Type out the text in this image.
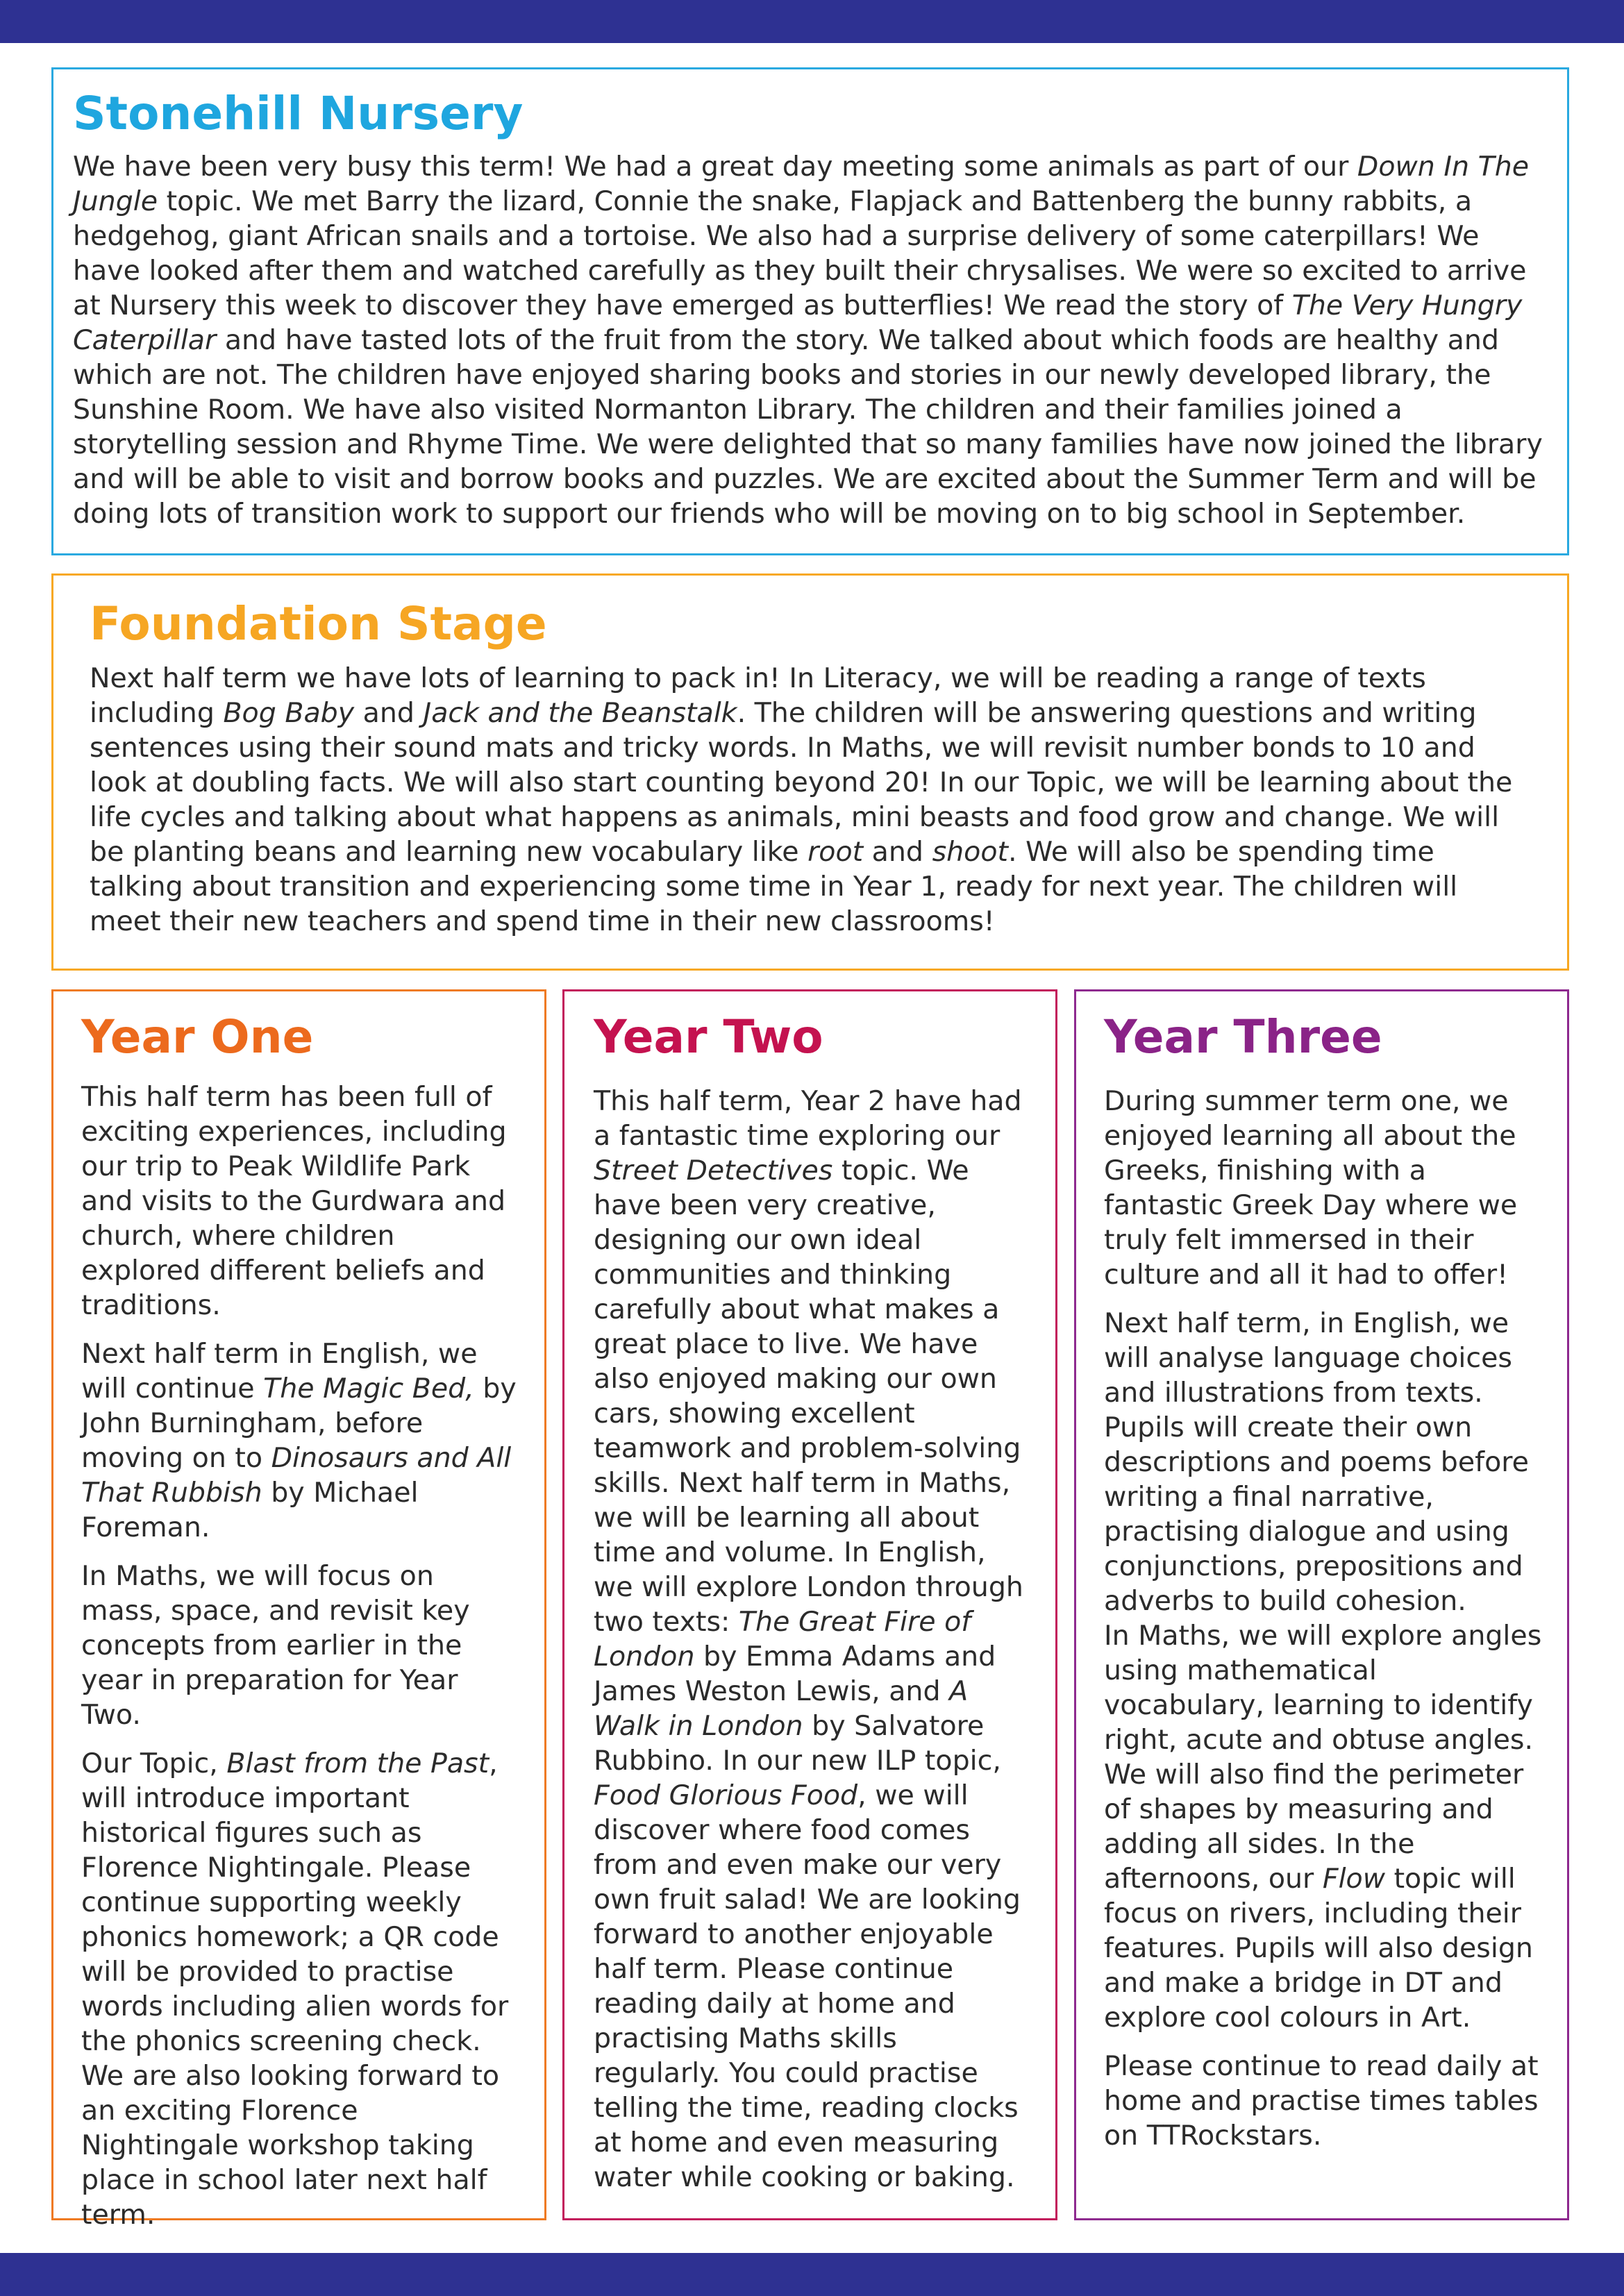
Stonehill Nursery

We have been very busy this term! We had a great day meeting some animals as part of our Down In The Jungle topic. We met Barry the lizard, Connie the snake, Flapjack and Battenberg the bunny rabbits, a hedgehog, giant African snails and a tortoise. We also had a surprise delivery of some caterpillars! We have looked after them and watched carefully as they built their chrysalises. We were so excited to arrive at Nursery this week to discover they have emerged as butterflies! We read the story of The Very Hungry Caterpillar and have tasted lots of the fruit from the story. We talked about which foods are healthy and which are not. The children have enjoyed sharing books and stories in our newly developed library, the Sunshine Room. We have also visited Normanton Library. The children and their families joined a storytelling session and Rhyme Time. We were delighted that so many families have now joined the library and will be able to visit and borrow books and puzzles. We are excited about the Summer Term and will be doing lots of transition work to support our friends who will be moving on to big school in September.

Foundation Stage

Next half term we have lots of learning to pack in! In Literacy, we will be reading a range of texts including Bog Baby and Jack and the Beanstalk. The children will be answering questions and writing sentences using their sound mats and tricky words. In Maths, we will revisit number bonds to 10 and look at doubling facts. We will also start counting beyond 20! In our Topic, we will be learning about the life cycles and talking about what happens as animals, mini beasts and food grow and change. We will be planting beans and learning new vocabulary like root and shoot. We will also be spending time talking about transition and experiencing some time in Year 1, ready for next year. The children will meet their new teachers and spend time in their new classrooms!

Year One

This half term has been full of exciting experiences, including our trip to Peak Wildlife Park and visits to the Gurdwara and church, where children explored different beliefs and traditions.

Next half term in English, we will continue The Magic Bed, by John Burningham, before moving on to Dinosaurs and All That Rubbish by Michael Foreman.

In Maths, we will focus on mass, space, and revisit key concepts from earlier in the year in preparation for Year Two.

Our Topic, Blast from the Past, will introduce important historical figures such as Florence Nightingale. Please continue supporting weekly phonics homework; a QR code will be provided to practise words including alien words for the phonics screening check. We are also looking forward to an exciting Florence Nightingale workshop taking place in school later next half term.

Year Two

This half term, Year 2 have had a fantastic time exploring our Street Detectives topic. We have been very creative, designing our own ideal communities and thinking carefully about what makes a great place to live. We have also enjoyed making our own cars, showing excellent teamwork and problem-solving skills. Next half term in Maths, we will be learning all about time and volume. In English, we will explore London through two texts: The Great Fire of London by Emma Adams and James Weston Lewis, and A Walk in London by Salvatore Rubbino. In our new ILP topic, Food Glorious Food, we will discover where food comes from and even make our very own fruit salad! We are looking forward to another enjoyable half term. Please continue reading daily at home and practising Maths skills regularly. You could practise telling the time, reading clocks at home and even measuring water while cooking or baking.

Year Three

During summer term one, we enjoyed learning all about the Greeks, finishing with a fantastic Greek Day where we truly felt immersed in their culture and all it had to offer!

Next half term, in English, we will analyse language choices and illustrations from texts. Pupils will create their own descriptions and poems before writing a final narrative, practising dialogue and using conjunctions, prepositions and adverbs to build cohesion.

In Maths, we will explore angles using mathematical vocabulary, learning to identify right, acute and obtuse angles. We will also find the perimeter of shapes by measuring and adding all sides. In the afternoons, our Flow topic will focus on rivers, including their features. Pupils will also design and make a bridge in DT and explore cool colours in Art.

Please continue to read daily at home and practise times tables on TTRockstars.
